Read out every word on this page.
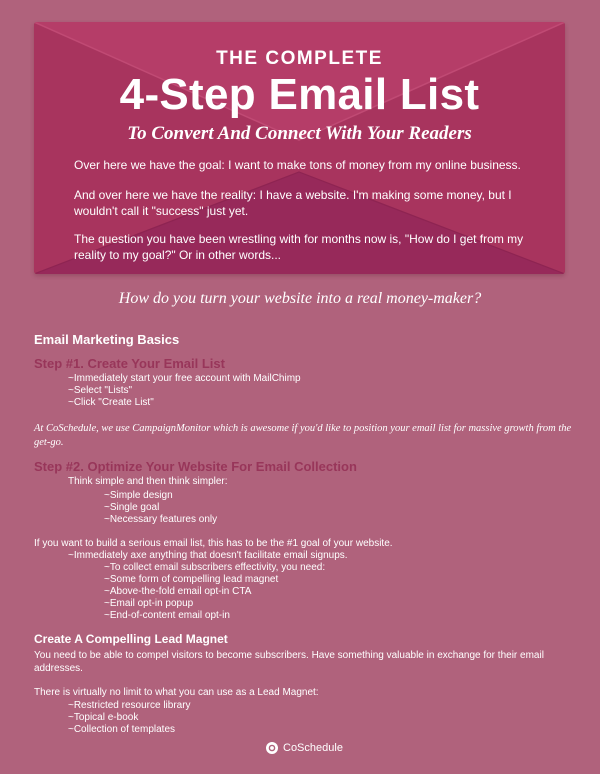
THE COMPLETE
4-Step Email List
To Convert And Connect With Your Readers

Over here we have the goal: I want to make tons of money from my online business.

And over here we have the reality: I have a website. I'm making some money, but I wouldn't call it "success" just yet.

The question you have been wrestling with for months now is, "How do I get from my reality to my goal?" Or in other words...

How do you turn your website into a real money-maker?
Email Marketing Basics
Step #1. Create Your Email List
~Immediately start your free account with MailChimp
~Select "Lists"
~Click "Create List"
At CoSchedule, we use CampaignMonitor which is awesome if you'd like to position your email list for massive growth from the get-go.
Step #2. Optimize Your Website For Email Collection
Think simple and then think simpler:
~Simple design
~Single goal
~Necessary features only
If you want to build a serious email list, this has to be the #1 goal of your website.
~Immediately axe anything that doesn't facilitate email signups.
~To collect email subscribers effectivity, you need:
~Some form of compelling lead magnet
~Above-the-fold email opt-in CTA
~Email opt-in popup
~End-of-content email opt-in
Create A Compelling Lead Magnet
You need to be able to compel visitors to become subscribers. Have something valuable in exchange for their email addresses.
There is virtually no limit to what you can use as a Lead Magnet:
~Restricted resource library
~Topical e-book
~Collection of templates
CoSchedule
